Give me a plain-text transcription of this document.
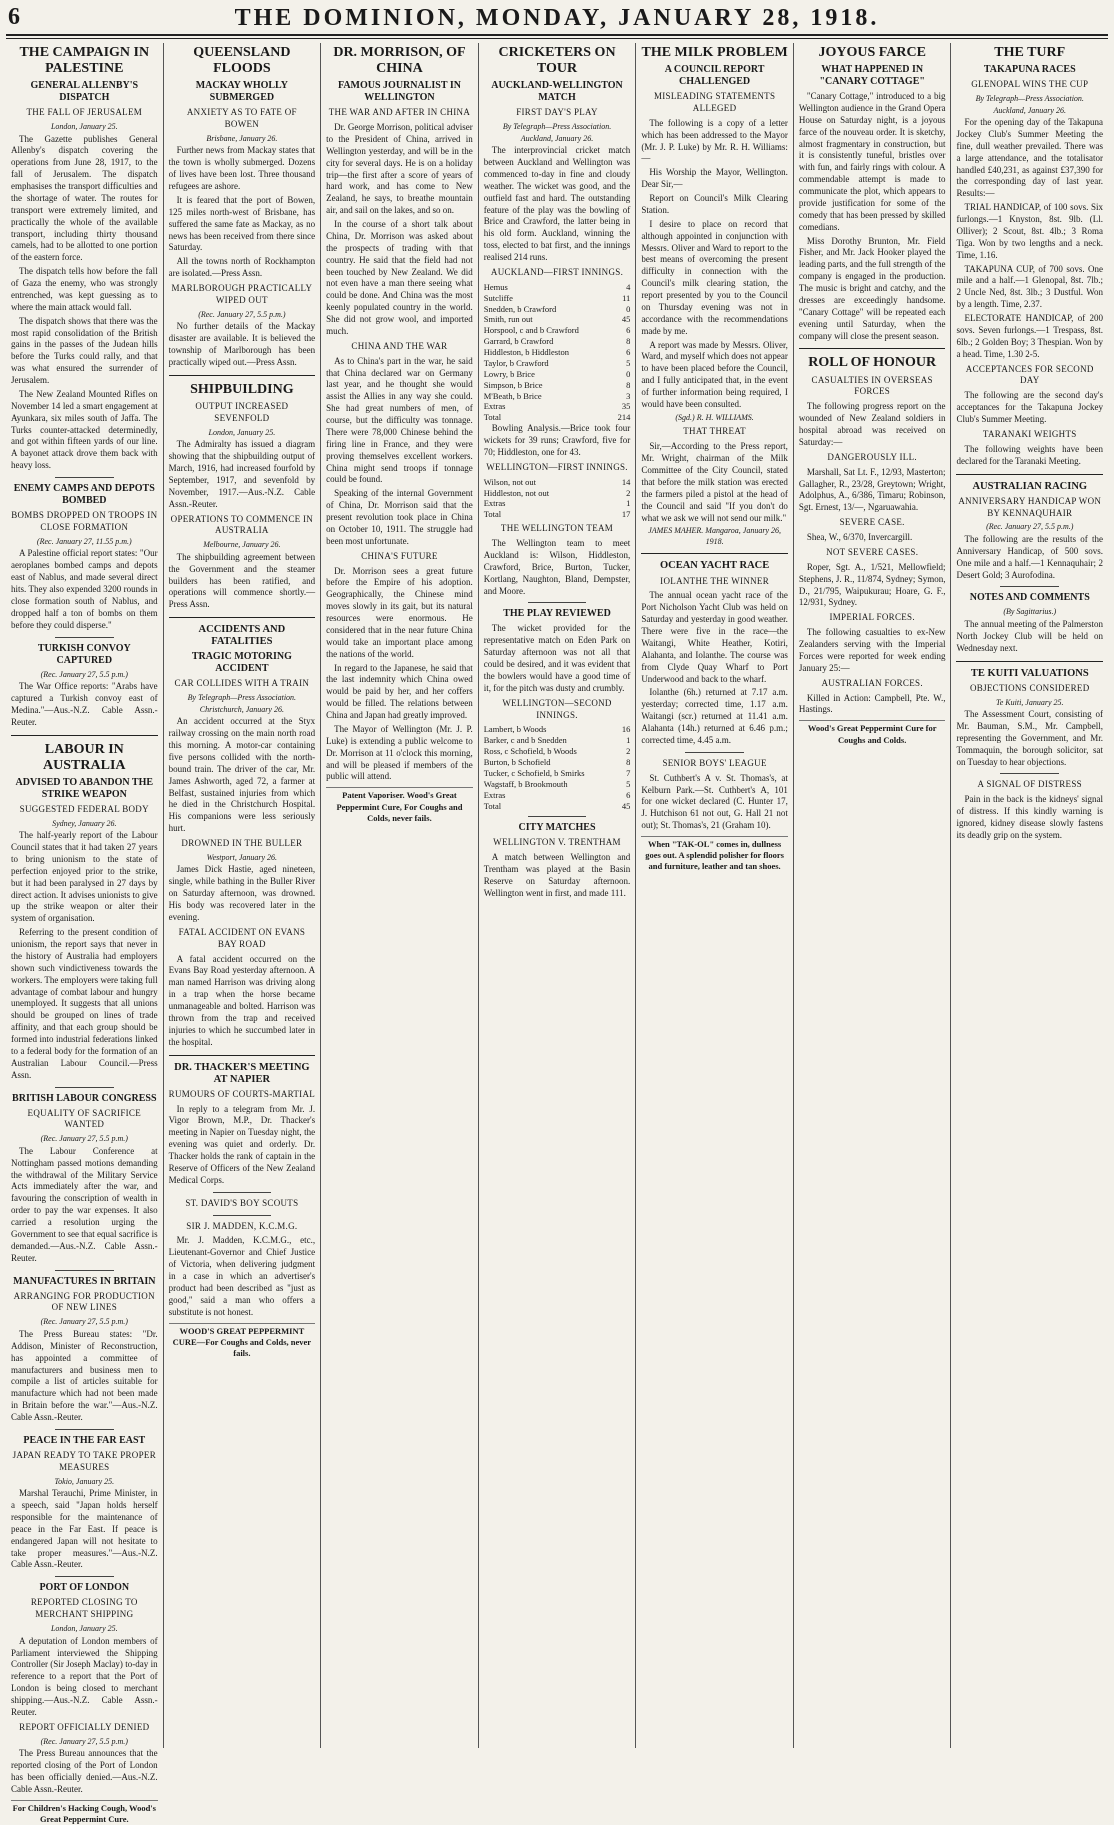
6	THE DOMINION, MONDAY, JANUARY 28, 1918.
THE CAMPAIGN IN PALESTINE
GENERAL ALLENBY'S DISPATCH
THE FALL OF JERUSALEM
London, January 25.

The Gazette publishes General Allenby's dispatch covering the operations from June 28, 1917, to the fall of Jerusalem. The dispatch emphasises the transport difficulties and the shortage of water. The routes for transport were extremely limited, and practically the whole of the available transport, including thirty thousand camels, had to be allotted to one portion of the eastern force.

The dispatch tells how before the fall of Gaza the enemy, who was strongly entrenched, was kept guessing as to where the main attack would fall.

The dispatch shows that there was the most rapid consolidation of the British gains in the passes of the Judean hills before the Turks could rally, and that was what ensured the surrender of Jerusalem.

The New Zealand Mounted Rifles on November 14 led a smart engagement at Ayunkara, six miles south of Jaffa. The Turks counter-attacked determinedly, and got within fifteen yards of our line. A bayonet attack drove them back with heavy loss.

ENEMY CAMPS AND DEPOTS BOMBED
BOMBS DROPPED ON TROOPS IN CLOSE FORMATION
(Rec. January 27, 11.55 p.m.)

A Palestine official report states: "Our aeroplanes bombed camps and depots east of Nablus, and made several direct hits. They also expended 3200 rounds in close formation south of Nablus, and dropped half a ton of bombs on them before they could disperse."

TURKISH CONVOY CAPTURED
(Rec. January 27, 5.5 p.m.)

The War Office reports: "Arabs have captured a Turkish convoy east of Medina."—Aus.-N.Z. Cable Assn.-Reuter.

LABOUR IN AUSTRALIA
ADVISED TO ABANDON THE STRIKE WEAPON
SUGGESTED FEDERAL BODY
Sydney, January 26.

The half-yearly report of the Labour Council states that it had taken 27 years to bring unionism to the state of perfection enjoyed prior to the strike, but it had been paralysed in 27 days by direct action. It advises unionists to give up the strike weapon or alter their system of organisation.

Referring to the present condition of unionism, the report says that never in the history of Australia had employers shown such vindictiveness towards the workers. The employers were taking full advantage of combat labour and hungry unemployed. It suggests that all unions should be grouped on lines of trade affinity, and that each group should be formed into industrial federations linked to a federal body for the formation of an Australian Labour Council.—Press Assn.

BRITISH LABOUR CONGRESS
EQUALITY OF SACRIFICE WANTED
(Rec. January 27, 5.5 p.m.)

The Labour Conference at Nottingham passed motions demanding the withdrawal of the Military Service Acts immediately after the war, and favouring the conscription of wealth in order to pay the war expenses. It also carried a resolution urging the Government to see that equal sacrifice is demanded.—Aus.-N.Z. Cable Assn.-Reuter.

MANUFACTURES IN BRITAIN
ARRANGING FOR PRODUCTION OF NEW LINES
(Rec. January 27, 5.5 p.m.)

The Press Bureau states: "Dr. Addison, Minister of Reconstruction, has appointed a committee of manufacturers and business men to compile a list of articles suitable for manufacture which had not been made in Britain before the war."—Aus.-N.Z. Cable Assn.-Reuter.

PEACE IN THE FAR EAST
JAPAN READY TO TAKE PROPER MEASURES
Tokio, January 25.

Marshal Terauchi, Prime Minister, in a speech, said "Japan holds herself responsible for the maintenance of peace in the Far East. If peace is endangered Japan will not hesitate to take proper measures."—Aus.-N.Z. Cable Assn.-Reuter.

PORT OF LONDON
REPORTED CLOSING TO MERCHANT SHIPPING
London, January 25.

A deputation of London members of Parliament interviewed the Shipping Controller (Sir Joseph Maclay) to-day in reference to a report that the Port of London is being closed to merchant shipping.—Aus.-N.Z. Cable Assn.-Reuter.

REPORT OFFICIALLY DENIED
(Rec. January 27, 5.5 p.m.)

The Press Bureau announces that the reported closing of the Port of London has been officially denied.—Aus.-N.Z. Cable Assn.-Reuter.

For Children's Hacking Cough, Wood's Great Peppermint Cure.
QUEENSLAND FLOODS
MACKAY WHOLLY SUBMERGED
ANXIETY AS TO FATE OF BOWEN
Brisbane, January 26.

Further news from Mackay states that the town is wholly submerged. Dozens of lives have been lost. Three thousand refugees are ashore.

It is feared that the port of Bowen, 125 miles north-west of Brisbane, has suffered the same fate as Mackay, as no news has been received from there since Saturday.

All the towns north of Rockhampton are isolated.—Press Assn.

MARLBOROUGH PRACTICALLY WIPED OUT
(Rec. January 27, 5.5 p.m.)

No further details of the Mackay disaster are available. It is believed the township of Marlborough has been practically wiped out.—Press Assn.

SHIPBUILDING
OUTPUT INCREASED SEVENFOLD
London, January 25.

The Admiralty has issued a diagram showing that the shipbuilding output of March, 1916, had increased fourfold by September, 1917, and sevenfold by November, 1917.—Aus.-N.Z. Cable Assn.-Reuter.

OPERATIONS TO COMMENCE IN AUSTRALIA
Melbourne, January 26.

The shipbuilding agreement between the Government and the steamer builders has been ratified, and operations will commence shortly.—Press Assn.

ACCIDENTS AND FATALITIES
TRAGIC MOTORING ACCIDENT
CAR COLLIDES WITH A TRAIN
By Telegraph—Press Association.
Christchurch, January 26.

An accident occurred at the Styx railway crossing on the main north road this morning. A motor-car containing five persons collided with the north-bound train. The driver of the car, Mr. James Ashworth, aged 72, a farmer at Belfast, sustained injuries from which he died in the Christchurch Hospital. His companions were less seriously hurt.

DROWNED IN THE BULLER
Westport, January 26.

James Dick Hastie, aged nineteen, single, while bathing in the Buller River on Saturday afternoon, was drowned. His body was recovered later in the evening.

FATAL ACCIDENT ON EVANS BAY ROAD

A fatal accident occurred on the Evans Bay Road yesterday afternoon. A man named Harrison was driving along in a trap when the horse became unmanageable and bolted. Harrison was thrown from the trap and received injuries to which he succumbed later in the hospital.

DR. THACKER'S MEETING AT NAPIER
RUMOURS OF COURTS-MARTIAL

In reply to a telegram from Mr. J. Vigor Brown, M.P., Dr. Thacker's meeting in Napier on Tuesday night, the evening was quiet and orderly. Dr. Thacker holds the rank of captain in the Reserve of Officers of the New Zealand Medical Corps.

ST. DAVID'S BOY SCOUTS
SIR J. MADDEN, K.C.M.G.

Mr. J. Madden, K.C.M.G., etc., Lieutenant-Governor and Chief Justice of Victoria, when delivering judgment in a case in which an advertiser's product had been described as "just as good," said a man who offers a substitute is not honest.

WOOD'S GREAT PEPPERMINT CURE—For Coughs and Colds, never fails.
DR. MORRISON, OF CHINA
FAMOUS JOURNALIST IN WELLINGTON
THE WAR AND AFTER IN CHINA

Dr. George Morrison, political adviser to the President of China, arrived in Wellington yesterday, and will be in the city for several days. He is on a holiday trip—the first after a score of years of hard work, and has come to New Zealand, he says, to breathe mountain air, and sail on the lakes, and so on.

In the course of a short talk about China, Dr. Morrison was asked about the prospects of trading with that country. He said that the field had not been touched by New Zealand. We did not even have a man there seeing what could be done. And China was the most keenly populated country in the world. She did not grow wool, and imported much.

CHINA AND THE WAR

As to China's part in the war, he said that China declared war on Germany last year, and he thought she would assist the Allies in any way she could. She had great numbers of men, of course, but the difficulty was tonnage. There were 78,000 Chinese behind the firing line in France, and they were proving themselves excellent workers. China might send troops if tonnage could be found.

Speaking of the internal Government of China, Dr. Morrison said that the present revolution took place in China on October 10, 1911. The struggle had been most unfortunate.

CHINA'S FUTURE

Dr. Morrison sees a great future before the Empire of his adoption. Geographically, the Chinese mind moves slowly in its gait, but its natural resources were enormous. He considered that in the near future China would take an important place among the nations of the world.

In regard to the Japanese, he said that the last indemnity which China owed would be paid by her, and her coffers would be filled. The relations between China and Japan had greatly improved.

The Mayor of Wellington (Mr. J. P. Luke) is extending a public welcome to Dr. Morrison at 11 o'clock this morning, and will be pleased if members of the public will attend.

Patent Vaporiser. Wood's Great Peppermint Cure, For Coughs and Colds, never fails.
CRICKETERS ON TOUR
AUCKLAND-WELLINGTON MATCH
FIRST DAY'S PLAY
By Telegraph—Press Association.
Auckland, January 26.

The interprovincial cricket match between Auckland and Wellington was commenced to-day in fine and cloudy weather. The wicket was good, and the outfield fast and hard. The outstanding feature of the play was the bowling of Brice and Crawford, the latter being in his old form. Auckland, winning the toss, elected to bat first, and the innings realised 214 runs.

AUCKLAND—FIRST INNINGS.
Hemus	4
Sutcliffe	11
Snedden, b Crawford	0
Smith, run out	45
Horspool, c and b Crawford	6
Garrard, b Crawford	8
Hiddleston, b Hiddleston	6
Taylor, b Crawford	5
Lowry, b Brice	0
Simpson, b Brice	8
M'Beath, b Brice	3
Extras	35
Total	214

Bowling Analysis.—Brice took four wickets for 39 runs; Crawford, five for 70; Hiddleston, one for 43.

WELLINGTON—FIRST INNINGS.
Wilson, not out	14
Hiddleston, not out	2
Extras	1
Total	17
THE WELLINGTON TEAM

The Wellington team to meet Auckland is: Wilson, Hiddleston, Crawford, Brice, Burton, Tucker, Kortlang, Naughton, Bland, Dempster, and Moore.

THE PLAY REVIEWED

The wicket provided for the representative match on Eden Park on Saturday afternoon was not all that could be desired, and it was evident that the bowlers would have a good time of it, for the pitch was dusty and crumbly.

WELLINGTON—SECOND INNINGS.
Lambert, b Woods	16
Barker, c and b Snedden	1
Ross, c Schofield, b Woods	2
Burton, b Schofield	8
Tucker, c Schofield, b Smirks	7
Wagstaff, b Brookmouth	5
Extras	6
Total	45
CITY MATCHES
WELLINGTON V. TRENTHAM

A match between Wellington and Trentham was played at the Basin Reserve on Saturday afternoon. Wellington went in first, and made 111.

THE MILK PROBLEM
A COUNCIL REPORT CHALLENGED
MISLEADING STATEMENTS ALLEGED

The following is a copy of a letter which has been addressed to the Mayor (Mr. J. P. Luke) by Mr. R. H. Williams:—

His Worship the Mayor, Wellington. Dear Sir,—

Report on Council's Milk Clearing Station.

I desire to place on record that although appointed in conjunction with Messrs. Oliver and Ward to report to the best means of overcoming the present difficulty in connection with the Council's milk clearing station, the report presented by you to the Council on Thursday evening was not in accordance with the recommendations made by me.

A report was made by Messrs. Oliver, Ward, and myself which does not appear to have been placed before the Council, and I fully anticipated that, in the event of further information being required, I would have been consulted.

(Sgd.) R. H. WILLIAMS.
THAT THREAT

Sir,—According to the Press report, Mr. Wright, chairman of the Milk Committee of the City Council, stated that before the milk station was erected the farmers piled a pistol at the head of the Council and said "If you don't do what we ask we will not send our milk."

JAMES MAHER. Mangaroa, January 26, 1918.
OCEAN YACHT RACE
IOLANTHE THE WINNER

The annual ocean yacht race of the Port Nicholson Yacht Club was held on Saturday and yesterday in good weather. There were five in the race—the Waitangi, White Heather, Kotiri, Alahanta, and Iolanthe. The course was from Clyde Quay Wharf to Port Underwood and back to the wharf.

Iolanthe (6h.) returned at 7.17 a.m. yesterday; corrected time, 1.17 a.m. Waitangi (scr.) returned at 11.41 a.m. Alahanta (14h.) returned at 6.46 p.m.; corrected time, 4.45 a.m.

SENIOR BOYS' LEAGUE

St. Cuthbert's A v. St. Thomas's, at Kelburn Park.—St. Cuthbert's A, 101 for one wicket declared (C. Hunter 17, J. Hutchison 61 not out, G. Hall 21 not out); St. Thomas's, 21 (Graham 10).

When "TAK-OL" comes in, dullness goes out. A splendid polisher for floors and furniture, leather and tan shoes.
JOYOUS FARCE
WHAT HAPPENED IN "CANARY COTTAGE"

"Canary Cottage," introduced to a big Wellington audience in the Grand Opera House on Saturday night, is a joyous farce of the nouveau order. It is sketchy, almost fragmentary in construction, but it is consistently tuneful, bristles over with fun, and fairly rings with colour. A commendable attempt is made to communicate the plot, which appears to provide justification for some of the comedy that has been pressed by skilled comedians.

Miss Dorothy Brunton, Mr. Field Fisher, and Mr. Jack Hooker played the leading parts, and the full strength of the company is engaged in the production. The music is bright and catchy, and the dresses are exceedingly handsome. "Canary Cottage" will be repeated each evening until Saturday, when the company will close the present season.

ROLL OF HONOUR
CASUALTIES IN OVERSEAS FORCES

The following progress report on the wounded of New Zealand soldiers in hospital abroad was received on Saturday:—

DANGEROUSLY ILL.

Marshall, Sat Lt. F., 12/93, Masterton; Gallagher, R., 23/28, Greytown; Wright, Adolphus, A., 6/386, Timaru; Robinson, Sgt. Ernest, 13/—, Ngaruawahia.

SEVERE CASE.

Shea, W., 6/370, Invercargill.

NOT SEVERE CASES.

Roper, Sgt. A., 1/521, Mellowfield; Stephens, J. R., 11/874, Sydney; Symon, D., 21/795, Waipukurau; Hoare, G. F., 12/931, Sydney.

IMPERIAL FORCES.

The following casualties to ex-New Zealanders serving with the Imperial Forces were reported for week ending January 25:—

AUSTRALIAN FORCES.

Killed in Action: Campbell, Pte. W., Hastings.

Wood's Great Peppermint Cure for Coughs and Colds.
THE TURF
TAKAPUNA RACES
GLENOPAL WINS THE CUP
By Telegraph—Press Association.
Auckland, January 26.

For the opening day of the Takapuna Jockey Club's Summer Meeting the fine, dull weather prevailed. There was a large attendance, and the totalisator handled £40,231, as against £37,390 for the corresponding day of last year. Results:—

TRIAL HANDICAP, of 100 sovs. Six furlongs.—1 Knyston, 8st. 9lb. (Ll. Olliver); 2 Scout, 8st. 4lb.; 3 Roma Tiga. Won by two lengths and a neck. Time, 1.16.

TAKAPUNA CUP, of 700 sovs. One mile and a half.—1 Glenopal, 8st. 7lb.; 2 Uncle Ned, 8st. 3lb.; 3 Dustful. Won by a length. Time, 2.37.

ELECTORATE HANDICAP, of 200 sovs. Seven furlongs.—1 Trespass, 8st. 6lb.; 2 Golden Boy; 3 Thespian. Won by a head. Time, 1.30 2-5.

ACCEPTANCES FOR SECOND DAY

The following are the second day's acceptances for the Takapuna Jockey Club's Summer Meeting.

TARANAKI WEIGHTS

The following weights have been declared for the Taranaki Meeting.

AUSTRALIAN RACING
ANNIVERSARY HANDICAP WON BY KENNAQUHAIR
(Rec. January 27, 5.5 p.m.)

The following are the results of the Anniversary Handicap, of 500 sovs. One mile and a half.—1 Kennaquhair; 2 Desert Gold; 3 Aurofodina.

NOTES AND COMMENTS
(By Sagittarius.)

The annual meeting of the Palmerston North Jockey Club will be held on Wednesday next.

TE KUITI VALUATIONS
OBJECTIONS CONSIDERED
Te Kuiti, January 25.

The Assessment Court, consisting of Mr. Bauman, S.M., Mr. Campbell, representing the Government, and Mr. Tommaquin, the borough solicitor, sat on Tuesday to hear objections.

A SIGNAL OF DISTRESS

Pain in the back is the kidneys' signal of distress. If this kindly warning is ignored, kidney disease slowly fastens its deadly grip on the system.
